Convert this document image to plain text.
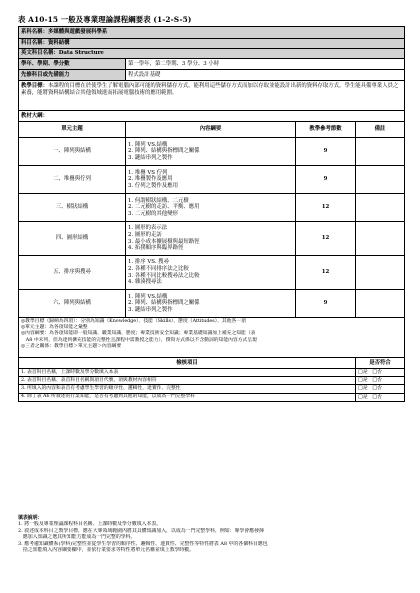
表 A10-15 一般及專業理論課程綱要表 (1-2-S-5)
系科名稱：多媒體與遊戲發展科學系			
科目名稱：資料結構			
英文科目名稱：Data Structure			
學年、學期、學分數	第一學年，第二學期、3 學分、3 小時		
先修科目或先備能力	程式設計基礎		
教學目標：本課程的目標在於使學生了解電腦內部可能的資料儲存方式，能利用這些儲存方式而加以存取並能設計出新的資料存取方式，學生能具備專業人員之素養，能將資料結構結合其他領域進而拓展電腦技術的應用範圍。			
教材大綱：			
單元主題	內容綱要	教學參考節數	備註
一、陣列與結構	1. 陣列 VS.結構
2. 陣列、結構與指標間之關係
3. 鏈結串列之製作	9	
二、堆疊與佇列	1. 堆疊 VS 佇列
2. 堆疊製作及應用
3. 佇列之製作及應用	9	
三、樹狀結構	1. 何謂樹狀結構、二元樹
2. 二元樹的走訪、平衡、應用
3. 二元樹的其他變形	12	
四、圖形結構	1. 圖形的表示法
2. 圖形的走訪
3. 最小成本擴展樹與最短路徑
4. 拓撲順序與臨界路徑	12	
五、排序與搜尋	1. 排序 VS. 搜尋
2. 各種不同排序法之比較
3. 各種不同比較搜尋法之比較
4. 雜湊搜尋法	12	
六、陣列與結構	1. 陣列 VS.結構
2. 陣列、結構與指標間之關係
3. 鏈結串列之製作	9	

◎教學目標（歸納為四項）：分別為知識（Knowledge）、技能（Skills）、態度（Attitudes）、其他各一項
◎單元主題：為各項知能之彙整
◎內容綱要：為各項知能即一般知識、職業知識、態度；專業技術安全知識；專業基礎知識加上補充之知能（表
　A8 中未列，但為達到擴充技能的完整性且課程中需教授之能力），撰寫方式係以不含動詞的知能內容方式呈現
◎三者之關係：教學目標＞單元主題＞內容綱要			

檢核項目			是否符合
1. 表首科目名稱，上課時數及學分數填入本表			□是 □否
2. 表首科目名稱、表首科目名稱與項目代號，須與教材內容相符			□是 □否
3. 所填入的內容和表首有考慮學生學習的順序性、邏輯性，達實作、完整性			□是 □否
4. 除了表 A6 所敘述的行業知能，是否有考慮到其他的知能，以成為一門完整學科			□是 □否
填表說明：
1. 將一般及專業理論課程科目名稱、上課時數及學分數填入本表。
2. 敘述成本科目之教學目標，應在大專領域範圍內將其具體知識加入，以成為一門完整學科，例如：專學會應發揮
　應加入知識之選其所知能方能成為一門完整的學科。
3. 應考慮知識體系(學科)完整性並從學生學習的順序性、邏輯性、連貫性、完整性等特性將表 A8 中的各個科目應包
　括之知能填入內容綱要欄中，並依行業要求等特性將單元名稱並填上教學時數。
